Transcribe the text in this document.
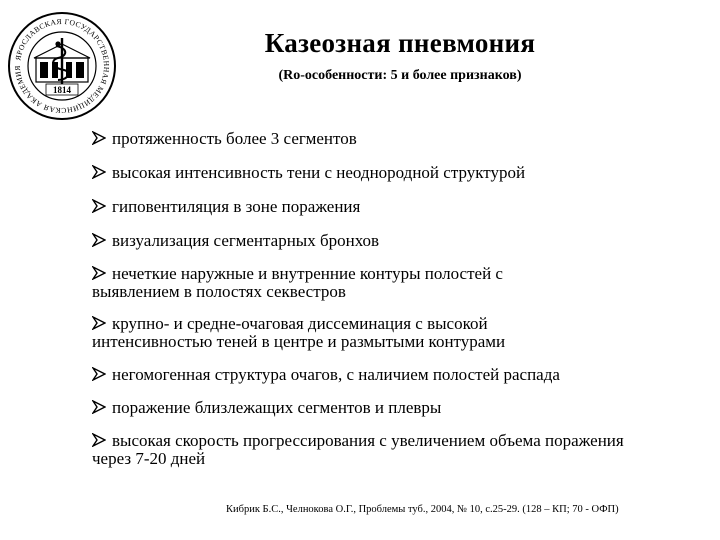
ЯРОСЛАВСКАЯ ГОСУДАРСТВЕННАЯ МЕДИЦИНСКАЯ АКАДЕМИЯ
1814
Казеозная пневмония
(Ro-особенности: 5 и более признаков)
протяженность более 3 сегментов
высокая интенсивность тени с неоднородной структурой
гиповентиляция в зоне поражения
визуализация сегментарных бронхов
нечеткие наружные и внутренние контуры полостей с выявлением в полостях секвестров
крупно- и средне-очаговая диссеминация с высокой интенсивностью теней в центре и размытыми контурами
негомогенная структура очагов, с наличием полостей распада
поражение близлежащих сегментов и плевры
высокая скорость прогрессирования с увеличением объема поражения через 7-20 дней
Кибрик Б.С., Челнокова О.Г., Проблемы туб., 2004, № 10, с.25-29. (128 – КП; 70 - ОФП)
